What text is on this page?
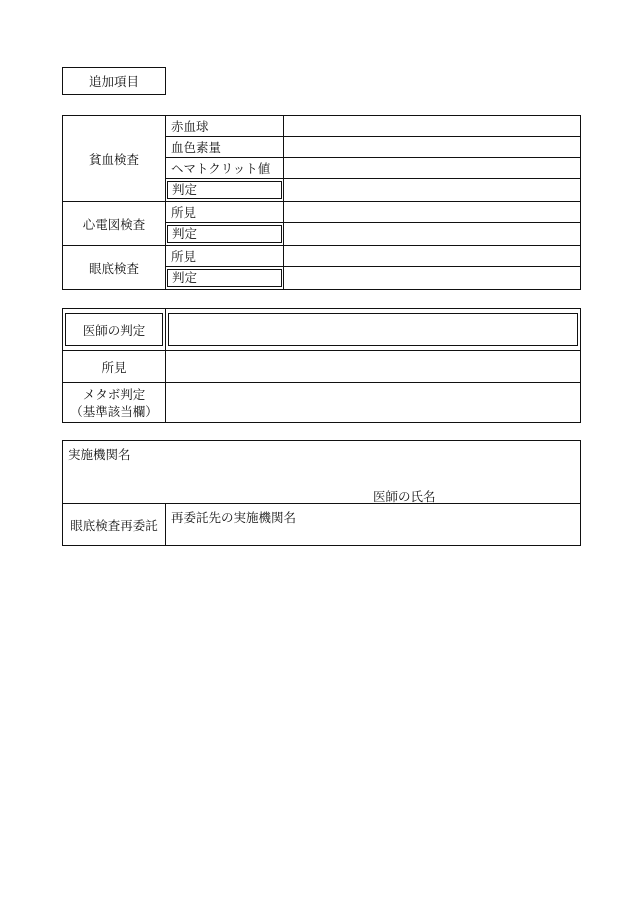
追加項目
貧血検査	赤血球	
	血色素量	
	ヘマトクリット値	

	判定	

心電図検査	所見	

	判定	

眼底検査	所見	

	判定	

医師の判定	

所見	

メタボ判定
（基準該当欄）	

実施機関名
医師の氏名

眼底検査再委託	再委託先の実施機関名
